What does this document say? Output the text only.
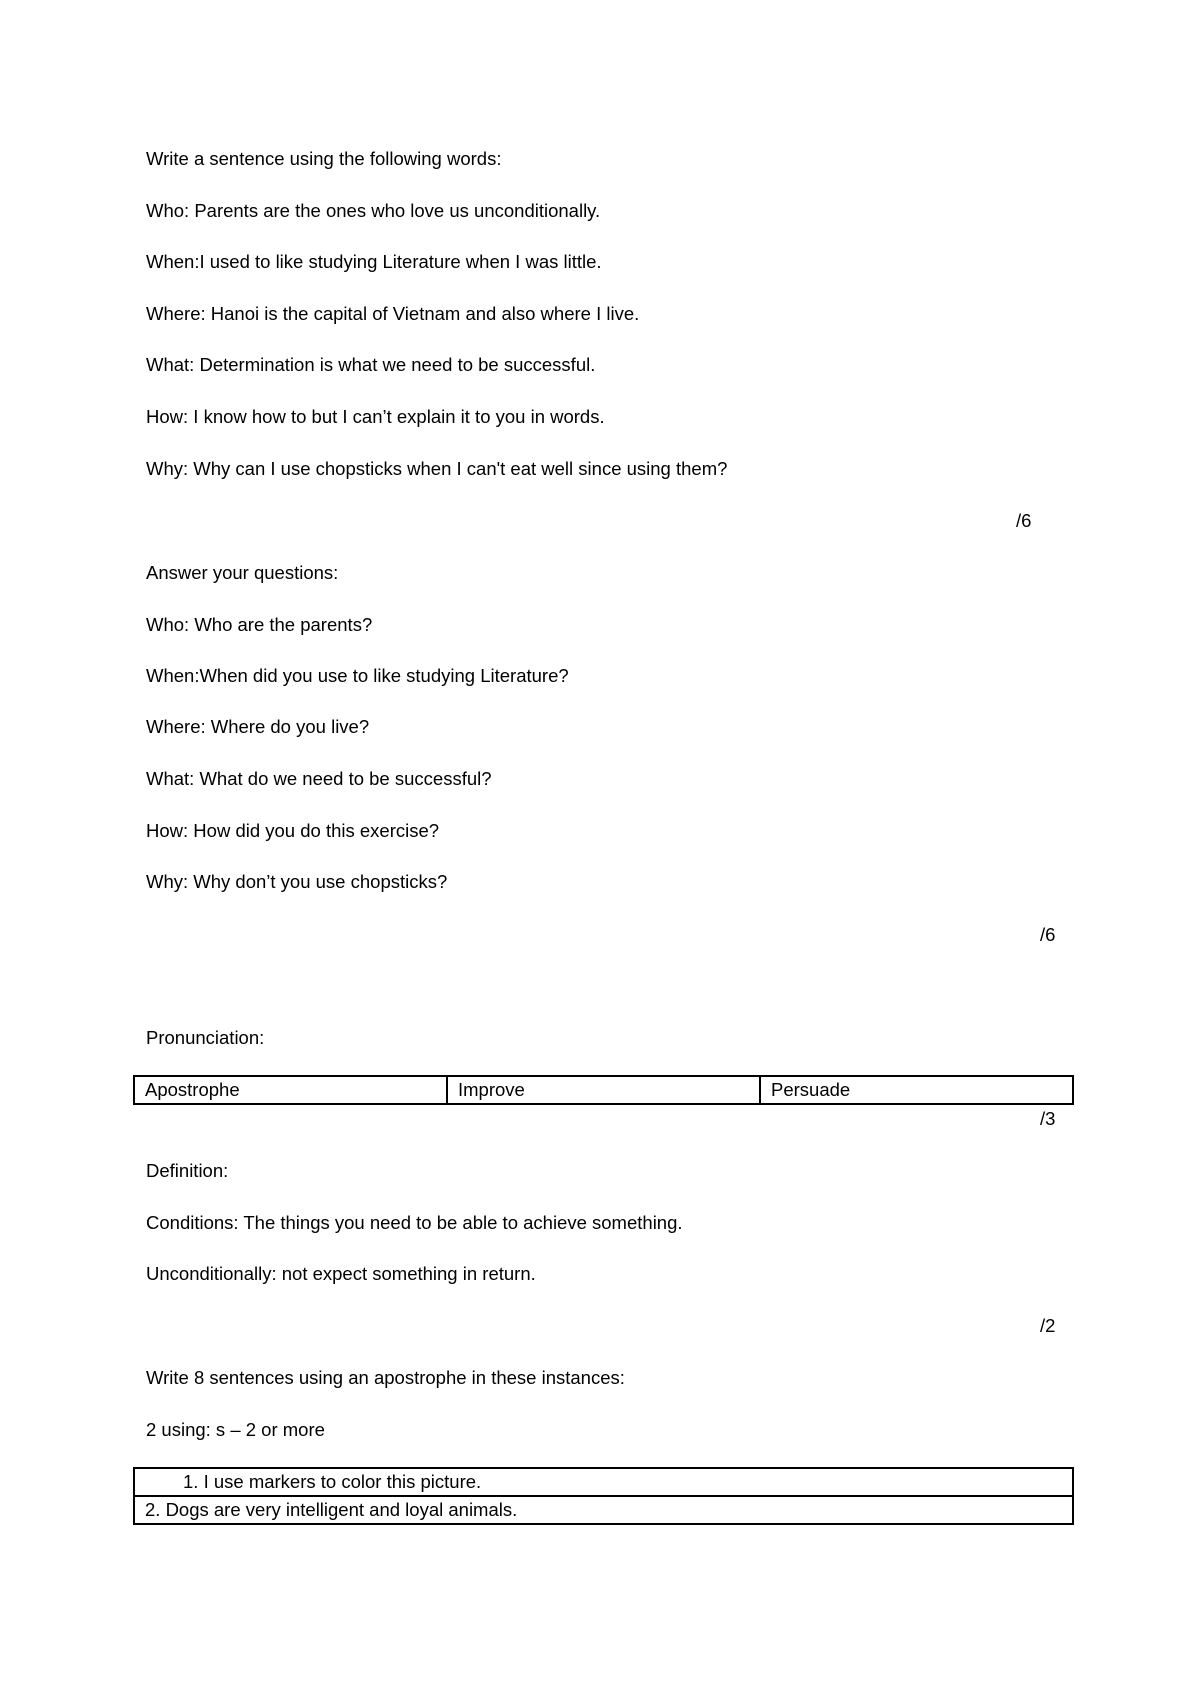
Write a sentence using the following words:
Who: Parents are the ones who love us unconditionally.
When:I used to like studying Literature when I was little.
Where: Hanoi is the capital of Vietnam and also where I live.
What: Determination is what we need to be successful.
How: I know how to but I can’t explain it to you in words.
Why: Why can I use chopsticks when I can't eat well since using them?
/6
Answer your questions:
Who: Who are the parents?
When:When did you use to like studying Literature?
Where: Where do you live?
What: What do we need to be successful?
How: How did you do this exercise?
Why: Why don’t you use chopsticks?
/6
Pronunciation:
Apostrophe	Improve	Persuade
/3
Definition:
Conditions: The things you need to be able to achieve something.
Unconditionally: not expect something in return.
/2
Write 8 sentences using an apostrophe in these instances:
2 using: s – 2 or more
1. I use markers to color this picture.
2. Dogs are very intelligent and loyal animals.
